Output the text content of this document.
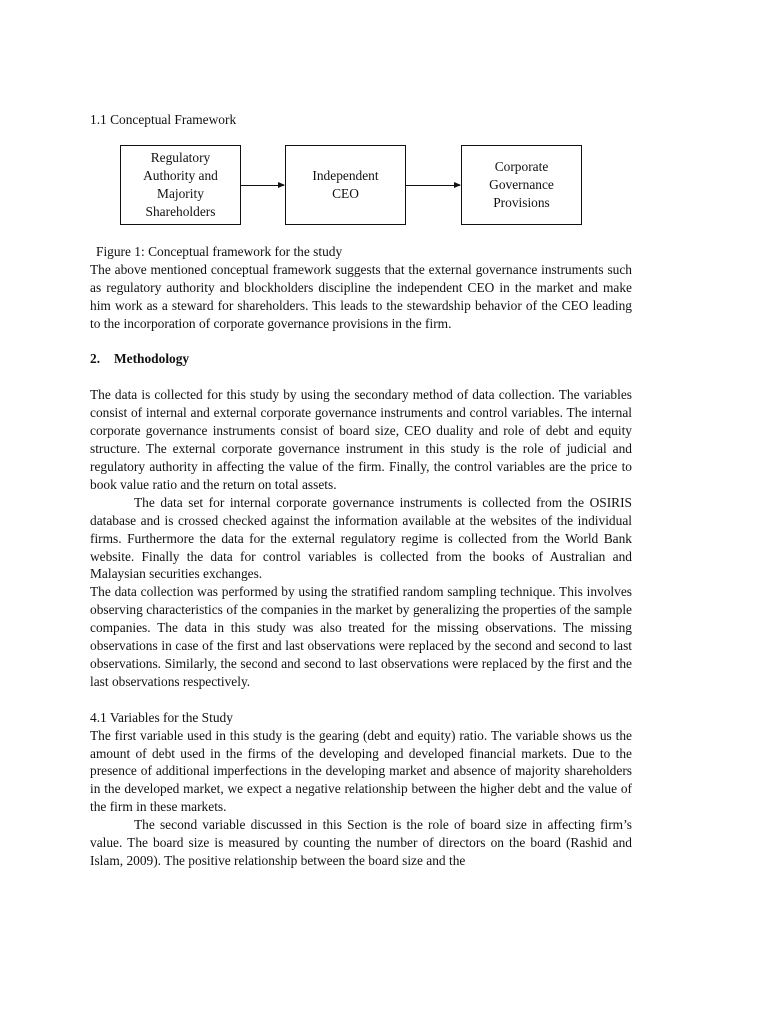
1.1 Conceptual Framework
Regulatory
Authority and
Majority
Shareholders
Independent
CEO
Corporate
Governance
Provisions

Figure 1: Conceptual framework for the study

The above mentioned conceptual framework suggests that the external governance instruments such as regulatory authority and blockholders discipline the independent CEO in the market and make him work as a steward for shareholders. This leads to the stewardship behavior of the CEO leading to the incorporation of corporate governance provisions in the firm.

2. Methodology

The data is collected for this study by using the secondary method of data collection. The variables consist of internal and external corporate governance instruments and control variables. The internal corporate governance instruments consist of board size, CEO duality and role of debt and equity structure. The external corporate governance instrument in this study is the role of judicial and regulatory authority in affecting the value of the firm. Finally, the control variables are the price to book value ratio and the return on total assets.

The data set for internal corporate governance instruments is collected from the OSIRIS database and is crossed checked against the information available at the websites of the individual firms. Furthermore the data for the external regulatory regime is collected from the World Bank website. Finally the data for control variables is collected from the books of Australian and Malaysian securities exchanges.

The data collection was performed by using the stratified random sampling technique. This involves observing characteristics of the companies in the market by generalizing the properties of the sample companies. The data in this study was also treated for the missing observations. The missing observations in case of the first and last observations were replaced by the second and second to last observations. Similarly, the second and second to last observations were replaced by the first and the last observations respectively.

4.1 Variables for the Study

The first variable used in this study is the gearing (debt and equity) ratio. The variable shows us the amount of debt used in the firms of the developing and developed financial markets. Due to the presence of additional imperfections in the developing market and absence of majority shareholders in the developed market, we expect a negative relationship between the higher debt and the value of the firm in these markets.

The second variable discussed in this Section is the role of board size in affecting firm’s value. The board size is measured by counting the number of directors on the board (Rashid and Islam, 2009). The positive relationship between the board size and the
